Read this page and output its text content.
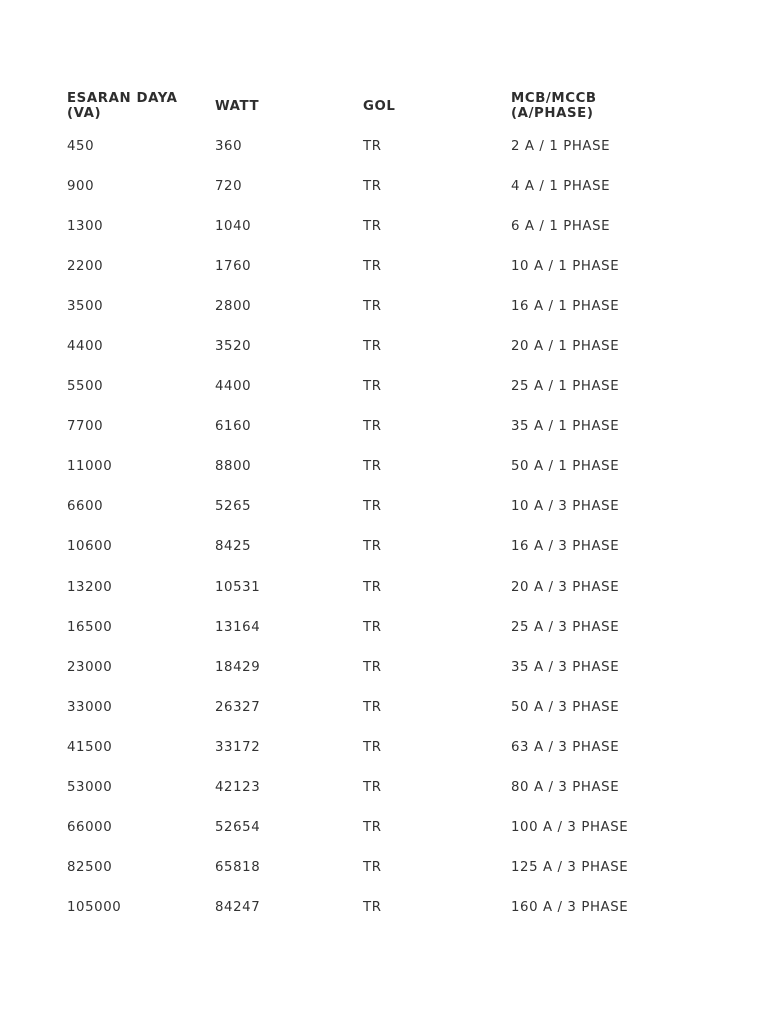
ESARAN DAYA (VA)	WATT	GOL	MCB/MCCB (A/PHASE)
450	360	TR	2 A / 1 PHASE
900	720	TR	4 A / 1 PHASE
1300	1040	TR	6 A / 1 PHASE
2200	1760	TR	10 A / 1 PHASE
3500	2800	TR	16 A / 1 PHASE
4400	3520	TR	20 A / 1 PHASE
5500	4400	TR	25 A / 1 PHASE
7700	6160	TR	35 A / 1 PHASE
11000	8800	TR	50 A / 1 PHASE
6600	5265	TR	10 A / 3 PHASE
10600	8425	TR	16 A / 3 PHASE
13200	10531	TR	20 A / 3 PHASE
16500	13164	TR	25 A / 3 PHASE
23000	18429	TR	35 A / 3 PHASE
33000	26327	TR	50 A / 3 PHASE
41500	33172	TR	63 A / 3 PHASE
53000	42123	TR	80 A / 3 PHASE
66000	52654	TR	100 A / 3 PHASE
82500	65818	TR	125 A / 3 PHASE
105000	84247	TR	160 A / 3 PHASE
